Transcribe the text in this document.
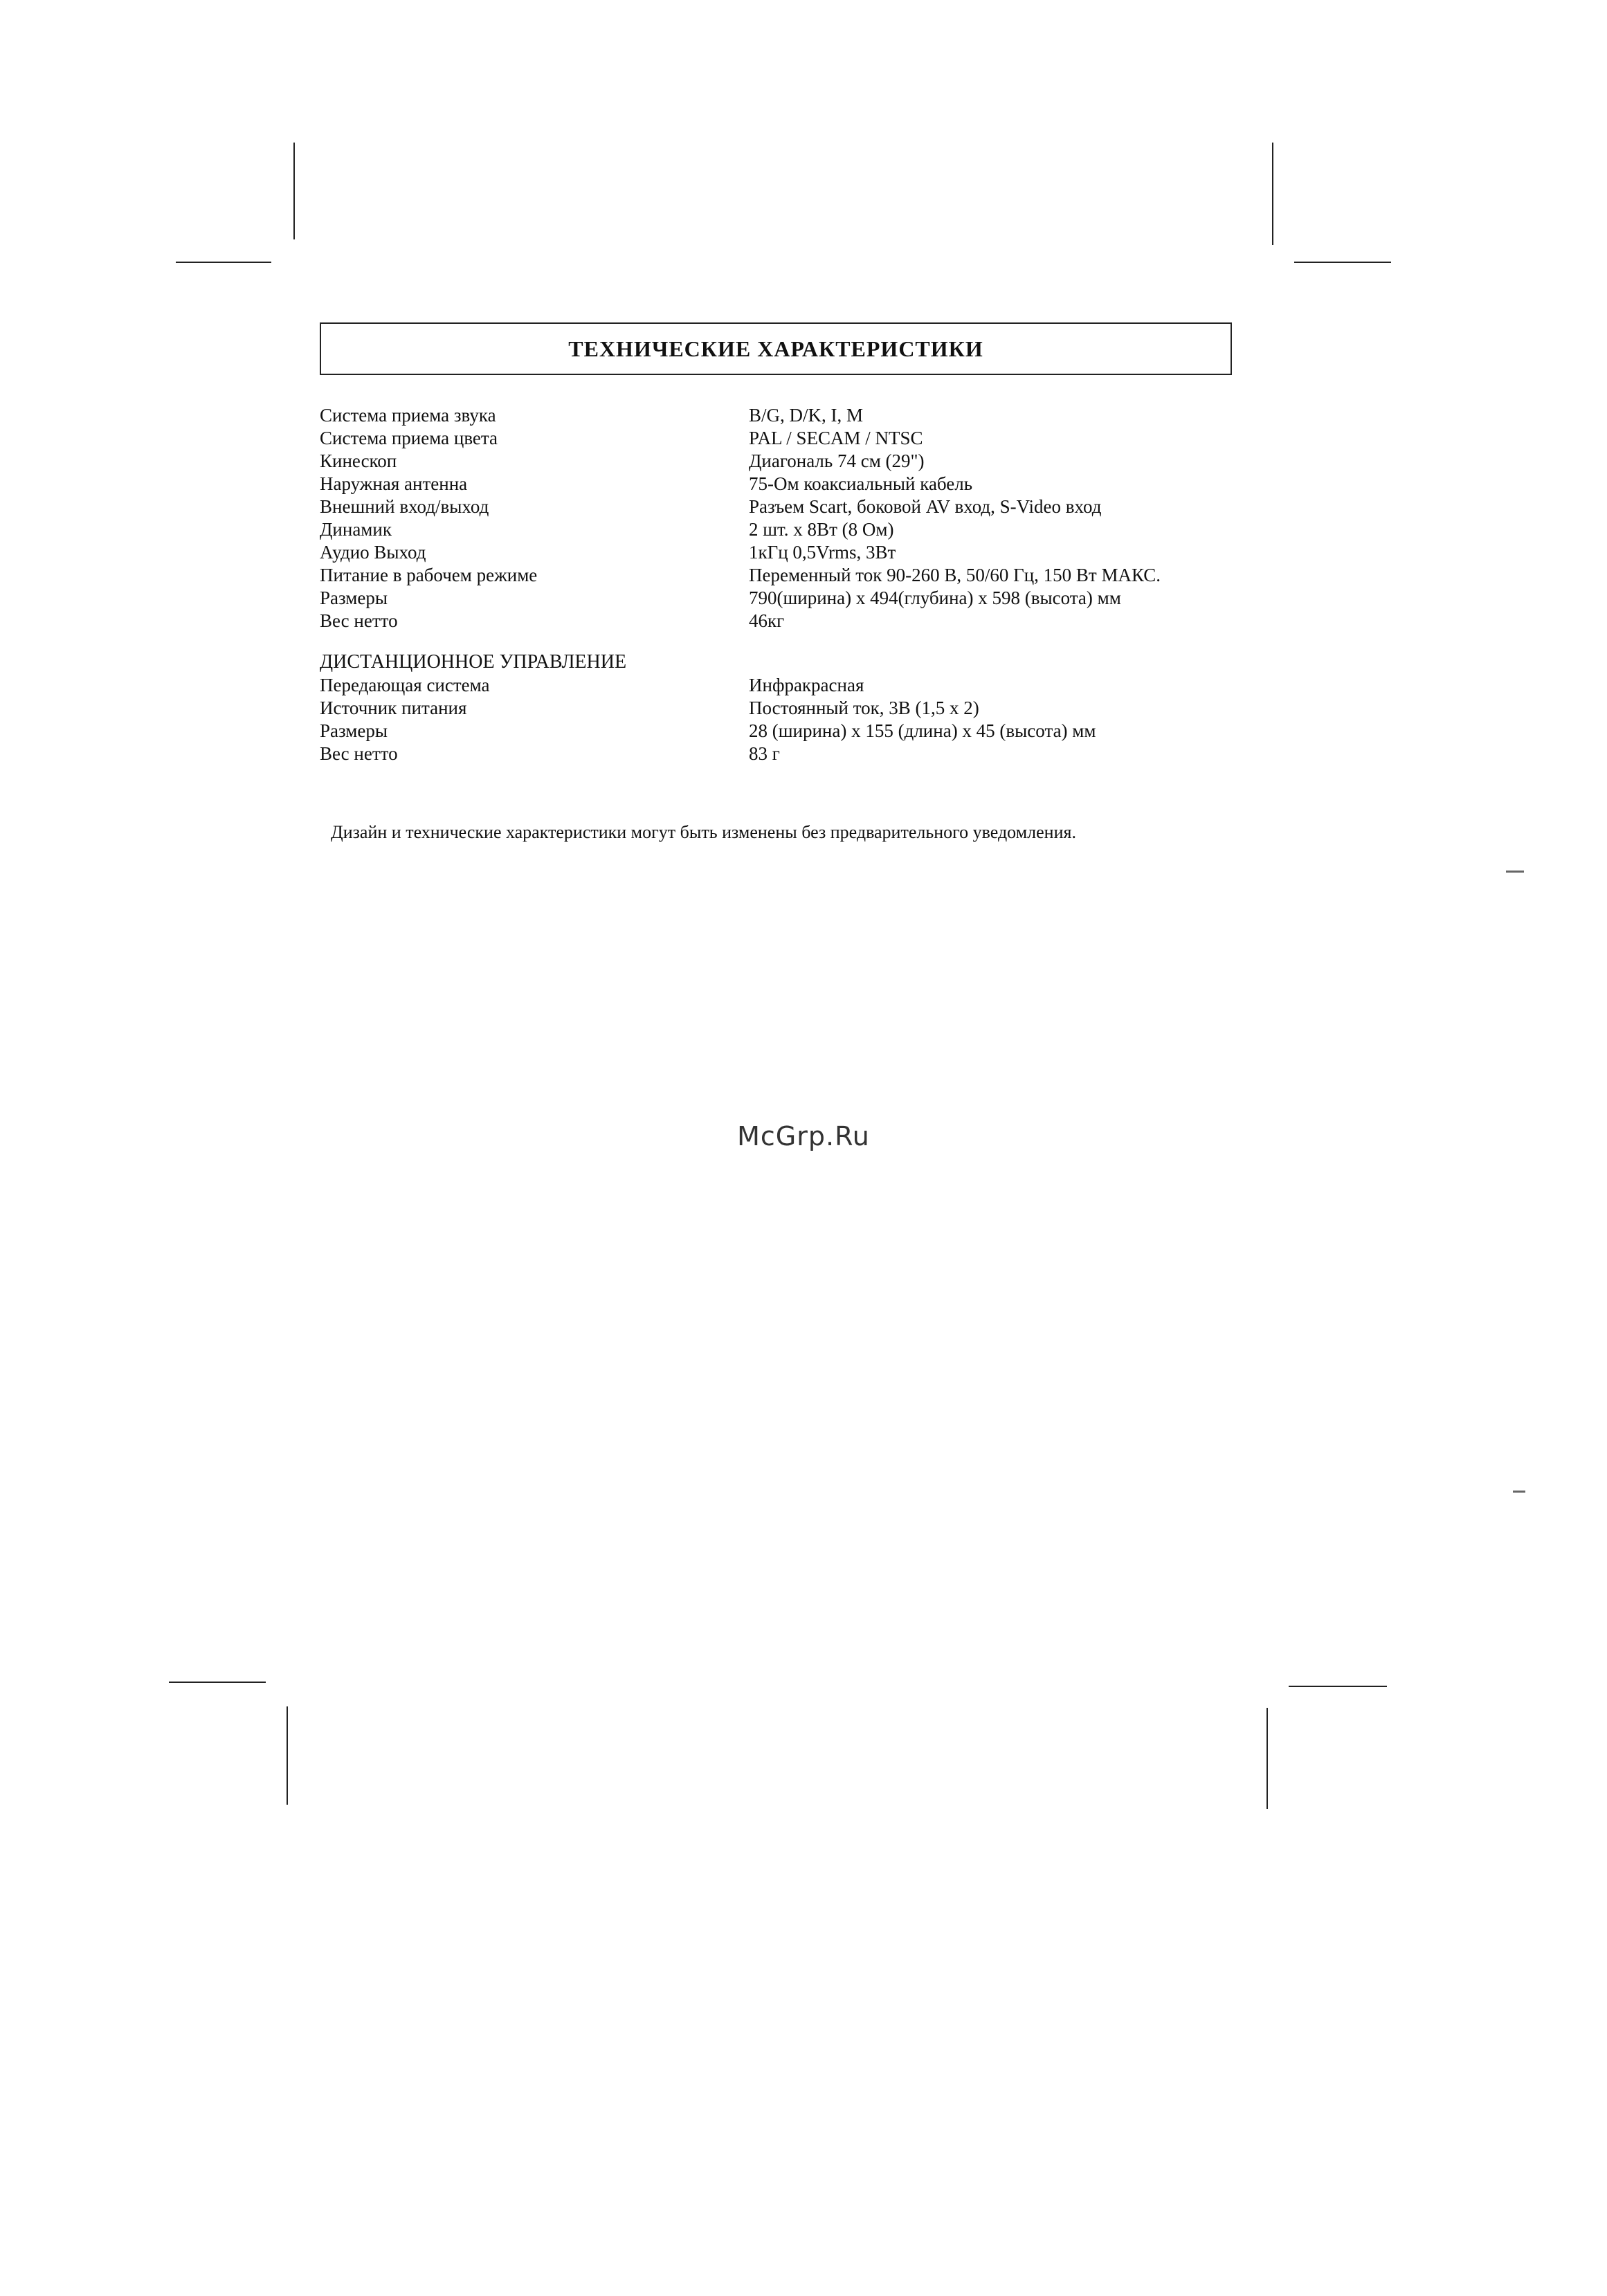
ТЕХНИЧЕСКИЕ ХАРАКТЕРИСТИКИ
Система приема звука	B/G, D/K, I, M
Система приема цвета	PAL / SECAM / NTSC
Кинескоп	Диагональ 74 см (29")
Наружная антенна	75-Ом коаксиальный кабель
Внешний вход/выход	Разъем Scart, боковой AV вход, S-Video вход
Динамик	2 шт. x 8Вт (8 Ом)
Аудио Выход	1кГц 0,5Vrms, 3Вт
Питание в рабочем режиме	Переменный ток 90-260 В, 50/60 Гц, 150 Вт МАКС.
Размеры	790(ширина) x 494(глубина) x 598 (высота) мм
Вес нетто	46кг
ДИСТАНЦИОННОЕ УПРАВЛЕНИЕ
Передающая система	Инфракрасная
Источник питания	Постоянный ток, 3В (1,5 x 2)
Размеры	28 (ширина) x 155 (длина) x 45 (высота) мм
Вес нетто	83 г
Дизайн и технические характеристики могут быть изменены без предварительного уведомления.
McGrp.Ru
